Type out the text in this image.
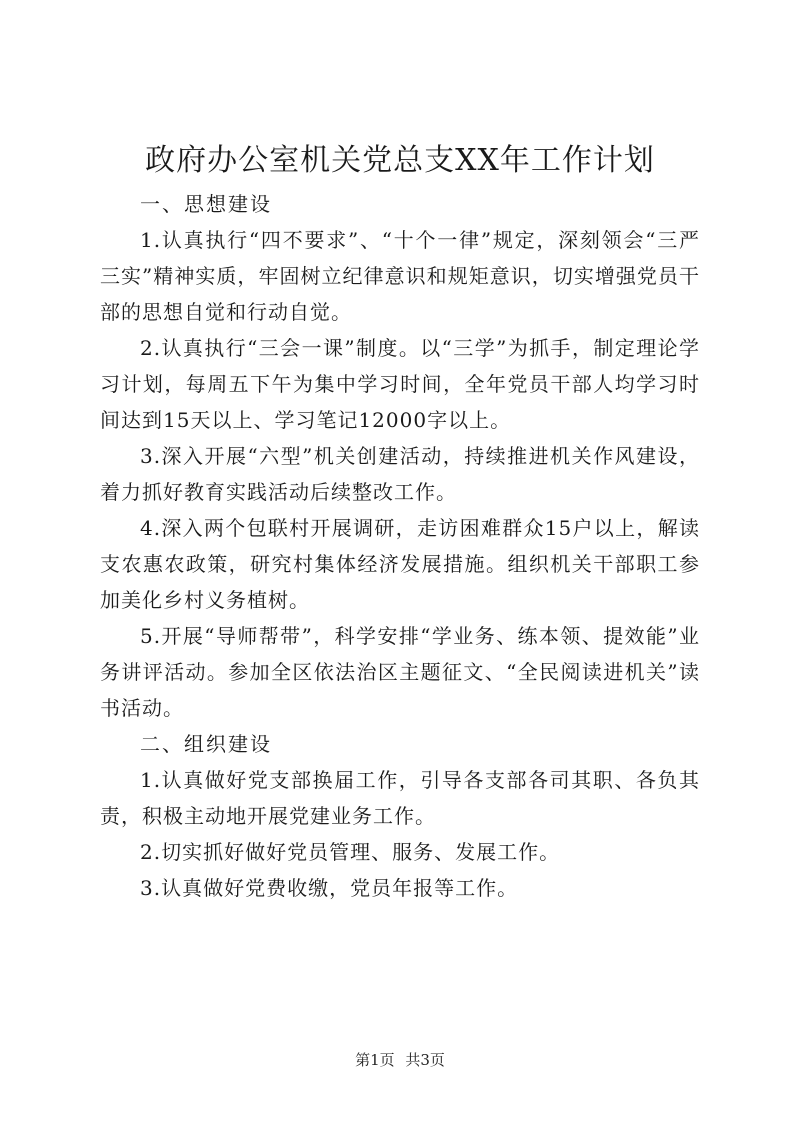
政府办公室机关党总支XX年工作计划

一、思想建设

1.认真执行“四不要求”、“十个一律”规定，深刻领会“三严三实”精神实质，牢固树立纪律意识和规矩意识，切实增强党员干部的思想自觉和行动自觉。

2.认真执行“三会一课”制度。以“三学”为抓手，制定理论学习计划，每周五下午为集中学习时间，全年党员干部人均学习时间达到15天以上、学习笔记12000字以上。

3.深入开展“六型”机关创建活动，持续推进机关作风建设，着力抓好教育实践活动后续整改工作。

4.深入两个包联村开展调研，走访困难群众15户以上，解读支农惠农政策，研究村集体经济发展措施。组织机关干部职工参加美化乡村义务植树。

5.开展“导师帮带”，科学安排“学业务、练本领、提效能”业务讲评活动。参加全区依法治区主题征文、“全民阅读进机关”读书活动。

二、组织建设

1.认真做好党支部换届工作，引导各支部各司其职、各负其责，积极主动地开展党建业务工作。

2.切实抓好做好党员管理、服务、发展工作。

3.认真做好党费收缴，党员年报等工作。

第1页 共3页
